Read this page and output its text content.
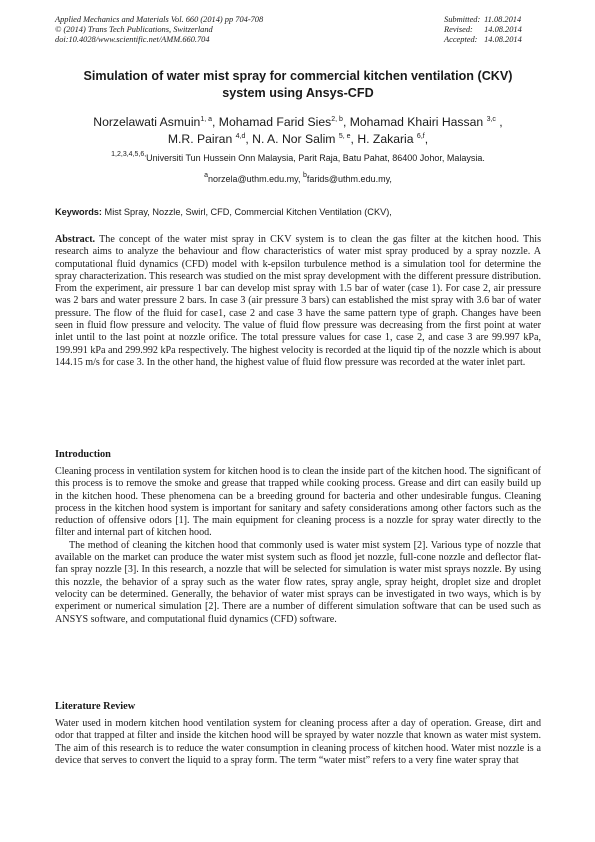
Applied Mechanics and Materials Vol. 660 (2014) pp 704-708
© (2014) Trans Tech Publications, Switzerland
doi:10.4028/www.scientific.net/AMM.660.704
Submitted: 11.08.2014
Revised: 14.08.2014
Accepted: 14.08.2014
Simulation of water mist spray for commercial kitchen ventilation (CKV)
system using Ansys-CFD
Norzelawati Asmuin$^{1, a}$, Mohamad Farid Sies$^{2, b}$, Mohamad Khairi Hassan $^{3,c}$ ,
M.R. Pairan $^{4,d}$, N. A. Nor Salim $^{5, e}$, H. Zakaria $^{6,f}$,
$^{1,2,3,4,5,6,}$Universiti Tun Hussein Onn Malaysia, Parit Raja, Batu Pahat, 86400 Johor, Malaysia.
$^a$norzela@uthm.edu.my, $^b$farids@uthm.edu.my,
Keywords: Mist Spray, Nozzle, Swirl, CFD, Commercial Kitchen Ventilation (CKV),
Abstract. The concept of the water mist spray in CKV system is to clean the gas filter at the kitchen hood. This research aims to analyze the behaviour and flow characteristics of water mist spray produced by a spray nozzle. A computational fluid dynamics (CFD) model with k-epsilon turbulence method is a simulation tool for determine the spray characterization. This research was studied on the mist spray development with the different pressure distribution. From the experiment, air pressure 1 bar can develop mist spray with 1.5 bar of water (case 1). For case 2, air pressure was 2 bars and water pressure 2 bars. In case 3 (air pressure 3 bars) can established the mist spray with 3.6 bar of water pressure. The flow of the fluid for case1, case 2 and case 3 have the same pattern type of graph. Changes have been seen in fluid flow pressure and velocity. The value of fluid flow pressure was decreasing from the first point at water inlet until to the last point at nozzle orifice. The total pressure values for case 1, case 2, and case 3 are 99.997 kPa, 199.991 kPa and 299.992 kPa respectively. The highest velocity is recorded at the liquid tip of the nozzle which is about 144.15 m/s for case 3. In the other hand, the highest value of fluid flow pressure was recorded at the water inlet part.
Introduction

Cleaning process in ventilation system for kitchen hood is to clean the inside part of the kitchen hood. The significant of this process is to remove the smoke and grease that trapped while cooking process. Grease and dirt can easily build up in the kitchen hood. These phenomena can be a breeding ground for bacteria and other undesirable fungus. Cleaning process in the kitchen hood system is important for sanitary and safety considerations among other factors such as the reduction of offensive odors [1]. The main equipment for cleaning process is a nozzle for spray water directly to the filter and internal part of kitchen hood.

The method of cleaning the kitchen hood that commonly used is water mist system [2]. Various type of nozzle that available on the market can produce the water mist system such as flood jet nozzle, full-cone nozzle and deflector flat-fan spray nozzle [3]. In this research, a nozzle that will be selected for simulation is water mist sprays nozzle. By using this nozzle, the behavior of a spray such as the water flow rates, spray angle, spray height, droplet size and droplet velocity can be determined. Generally, the behavior of water mist sprays can be investigated in two ways, which is by experiment or numerical simulation [2]. There are a number of different simulation software that can be used such as ANSYS software, and computational fluid dynamics (CFD) software.

Literature Review

Water used in modern kitchen hood ventilation system for cleaning process after a day of operation. Grease, dirt and odor that trapped at filter and inside the kitchen hood will be sprayed by water nozzle that known as water mist system. The aim of this research is to reduce the water consumption in cleaning process of kitchen hood. Water mist nozzle is a device that serves to convert the liquid to a spray form. The term “water mist” refers to a very fine water spray that
